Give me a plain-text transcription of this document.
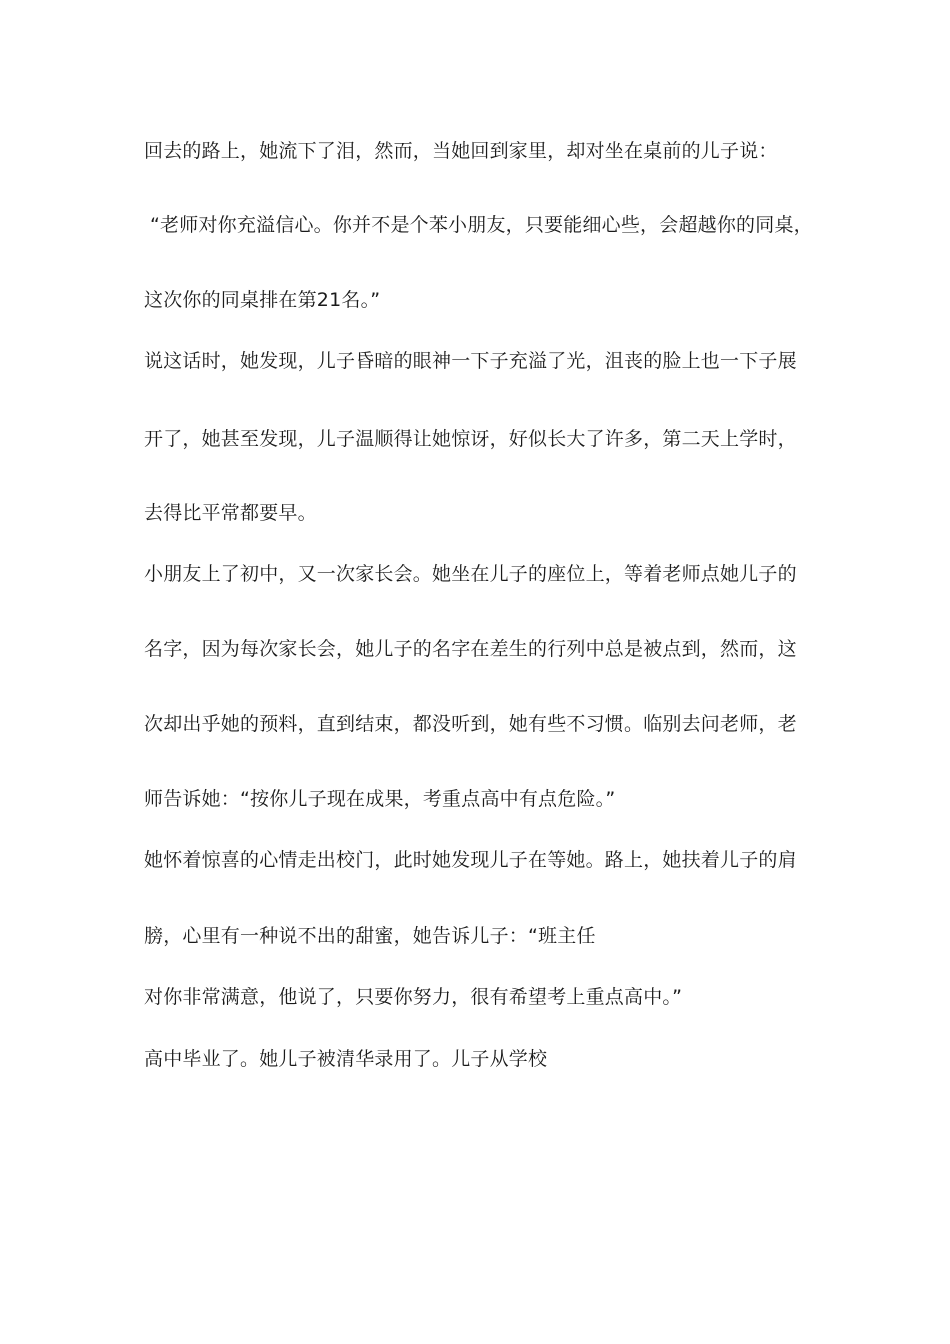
回去的路上，她流下了泪，然而，当她回到家里，却对坐在桌前的儿子说：
“老师对你充溢信心。你并不是个苯小朋友，只要能细心些，会超越你的同桌，
这次你的同桌排在第21名。”
说这话时，她发现，儿子昏暗的眼神一下子充溢了光，沮丧的脸上也一下子展
开了，她甚至发现，儿子温顺得让她惊讶，好似长大了许多，第二天上学时，
去得比平常都要早。
小朋友上了初中，又一次家长会。她坐在儿子的座位上，等着老师点她儿子的
名字，因为每次家长会，她儿子的名字在差生的行列中总是被点到，然而，这
次却出乎她的预料，直到结束，都没听到，她有些不习惯。临别去问老师，老
师告诉她：“按你儿子现在成果，考重点高中有点危险。”
她怀着惊喜的心情走出校门，此时她发现儿子在等她。路上，她扶着儿子的肩
膀，心里有一种说不出的甜蜜，她告诉儿子：“班主任
对你非常满意，他说了，只要你努力，很有希望考上重点高中。”
高中毕业了。她儿子被清华录用了。儿子从学校
